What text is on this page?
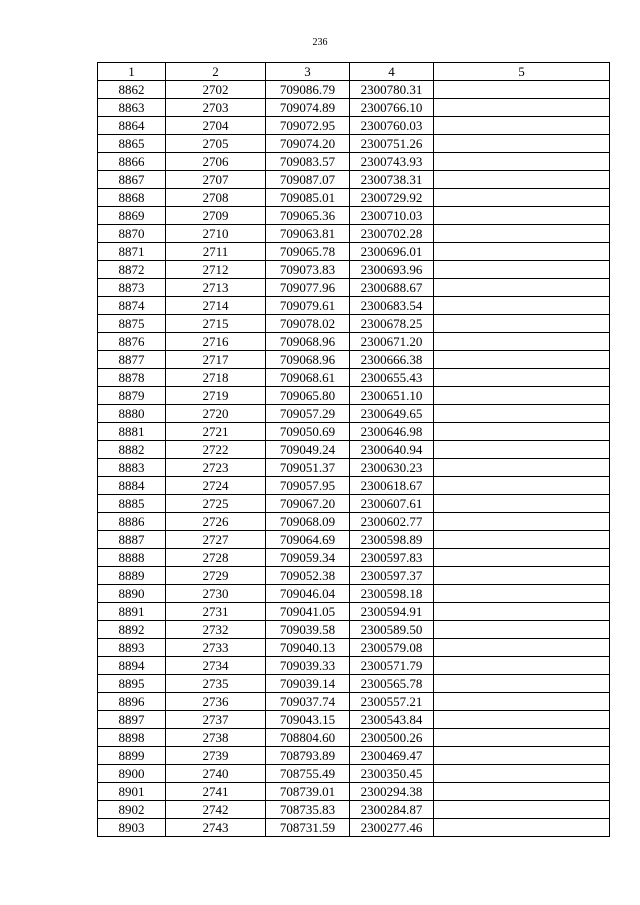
236
1	2	3	4	5
8862	2702	709086.79	2300780.31	
8863	2703	709074.89	2300766.10	
8864	2704	709072.95	2300760.03	
8865	2705	709074.20	2300751.26	
8866	2706	709083.57	2300743.93	
8867	2707	709087.07	2300738.31	
8868	2708	709085.01	2300729.92	
8869	2709	709065.36	2300710.03	
8870	2710	709063.81	2300702.28	
8871	2711	709065.78	2300696.01	
8872	2712	709073.83	2300693.96	
8873	2713	709077.96	2300688.67	
8874	2714	709079.61	2300683.54	
8875	2715	709078.02	2300678.25	
8876	2716	709068.96	2300671.20	
8877	2717	709068.96	2300666.38	
8878	2718	709068.61	2300655.43	
8879	2719	709065.80	2300651.10	
8880	2720	709057.29	2300649.65	
8881	2721	709050.69	2300646.98	
8882	2722	709049.24	2300640.94	
8883	2723	709051.37	2300630.23	
8884	2724	709057.95	2300618.67	
8885	2725	709067.20	2300607.61	
8886	2726	709068.09	2300602.77	
8887	2727	709064.69	2300598.89	
8888	2728	709059.34	2300597.83	
8889	2729	709052.38	2300597.37	
8890	2730	709046.04	2300598.18	
8891	2731	709041.05	2300594.91	
8892	2732	709039.58	2300589.50	
8893	2733	709040.13	2300579.08	
8894	2734	709039.33	2300571.79	
8895	2735	709039.14	2300565.78	
8896	2736	709037.74	2300557.21	
8897	2737	709043.15	2300543.84	
8898	2738	708804.60	2300500.26	
8899	2739	708793.89	2300469.47	
8900	2740	708755.49	2300350.45	
8901	2741	708739.01	2300294.38	
8902	2742	708735.83	2300284.87	
8903	2743	708731.59	2300277.46	
